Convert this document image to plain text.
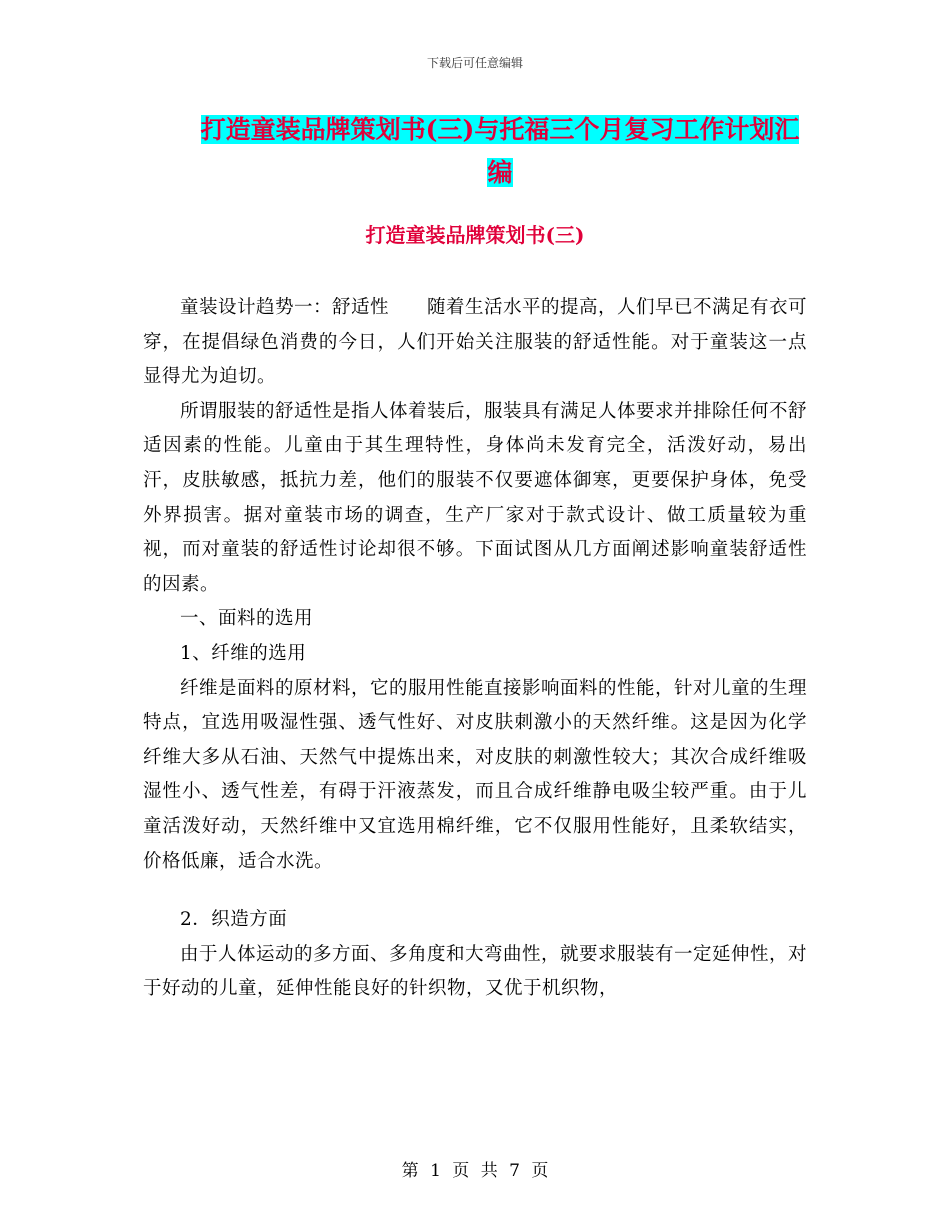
下载后可任意编辑
打造童装品牌策划书(三)与托福三个月复习工作计划汇编
打造童装品牌策划书(三)

童装设计趋势一：舒适性　　随着生活水平的提高，人们早已不满足有衣可穿，在提倡绿色消费的今日，人们开始关注服装的舒适性能。对于童装这一点显得尤为迫切。

所谓服装的舒适性是指人体着装后，服装具有满足人体要求并排除任何不舒适因素的性能。儿童由于其生理特性，身体尚未发育完全，活泼好动，易出汗，皮肤敏感，抵抗力差，他们的服装不仅要遮体御寒，更要保护身体，免受外界损害。据对童装市场的调查，生产厂家对于款式设计、做工质量较为重视，而对童装的舒适性讨论却很不够。下面试图从几方面阐述影响童装舒适性的因素。

一、面料的选用

1、纤维的选用

纤维是面料的原材料，它的服用性能直接影响面料的性能，针对儿童的生理特点，宜选用吸湿性强、透气性好、对皮肤刺激小的天然纤维。这是因为化学纤维大多从石油、天然气中提炼出来，对皮肤的刺激性较大；其次合成纤维吸湿性小、透气性差，有碍于汗液蒸发，而且合成纤维静电吸尘较严重。由于儿童活泼好动，天然纤维中又宜选用棉纤维，它不仅服用性能好，且柔软结实，价格低廉，适合水洗。

2．织造方面

由于人体运动的多方面、多角度和大弯曲性，就要求服装有一定延伸性，对于好动的儿童，延伸性能良好的针织物，又优于机织物，

第 1 页 共 7 页
